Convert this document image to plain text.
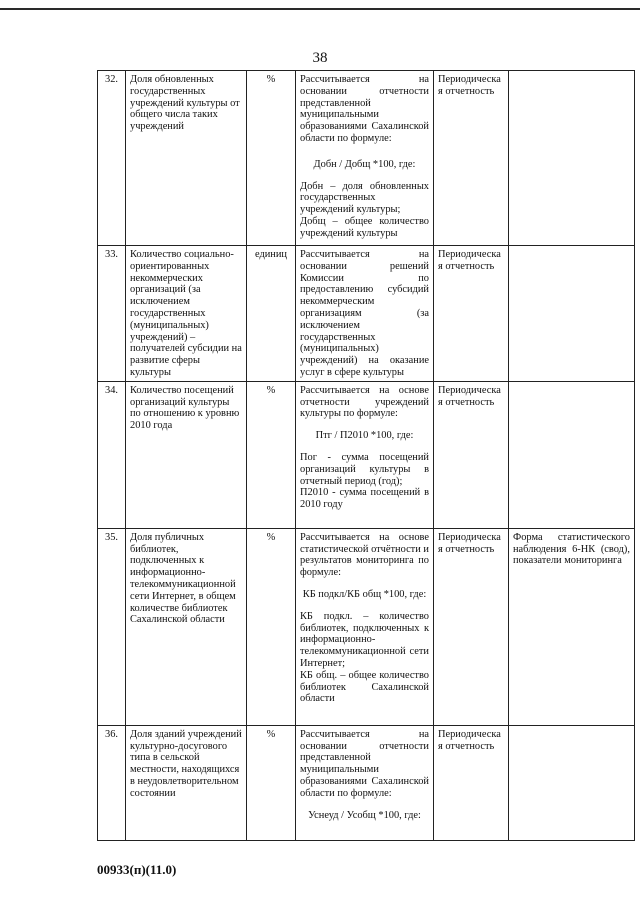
38
32.	Доля обновленных государственных учреждений культуры от общего числа таких учреждений	%	Рассчитывается на основании отчетности представленной муниципальными образованиями Сахалинской области по формуле:

Добн / Добщ *100, где:

Добн – доля обновленных государственных учреждений культуры;

Добщ – общее количество учреждений культуры	Периодическая отчетность	
33.	Количество социально-ориентированных некоммерческих организаций (за исключением государственных (муниципальных) учреждений) – получателей субсидии на развитие сферы культуры	единиц	Рассчитывается на основании решений Комиссии по предоставлению субсидий некоммерческим организациям (за исключением государственных (муниципальных) учреждений) на оказание услуг в сфере культуры	Периодическая отчетность	
34.	Количество посещений организаций культуры по отношению к уровню 2010 года	%	Рассчитывается на основе отчетности учреждений культуры по формуле:

Птг / П2010 *100, где:

Пог - сумма посещений организаций культуры в отчетный период (год);

П2010 - сумма посещений в 2010 году	Периодическая отчетность	
35.	Доля публичных библиотек, подключенных к информационно-телекоммуникационной сети Интернет, в общем количестве библиотек Сахалинской области	%	Рассчитывается на основе статистической отчётности и результатов мониторинга по формуле:

КБ подкл/КБ общ *100, где:

КБ подкл. – количество библиотек, подключенных к информационно-телекоммуникационной сети Интернет;

КБ общ. – общее количество библиотек Сахалинской области	Периодическая отчетность	Форма статистического наблюдения 6-НК (свод), показатели мониторинга
36.	Доля зданий учреждений культурно-досугового типа в сельской местности, находящихся в неудовлетворительном состоянии	%	Рассчитывается на основании отчетности представленной муниципальными образованиями Сахалинской области по формуле:

Уснеуд / Усобщ *100, где:	Периодическая отчетность	
00933(п)(11.0)
